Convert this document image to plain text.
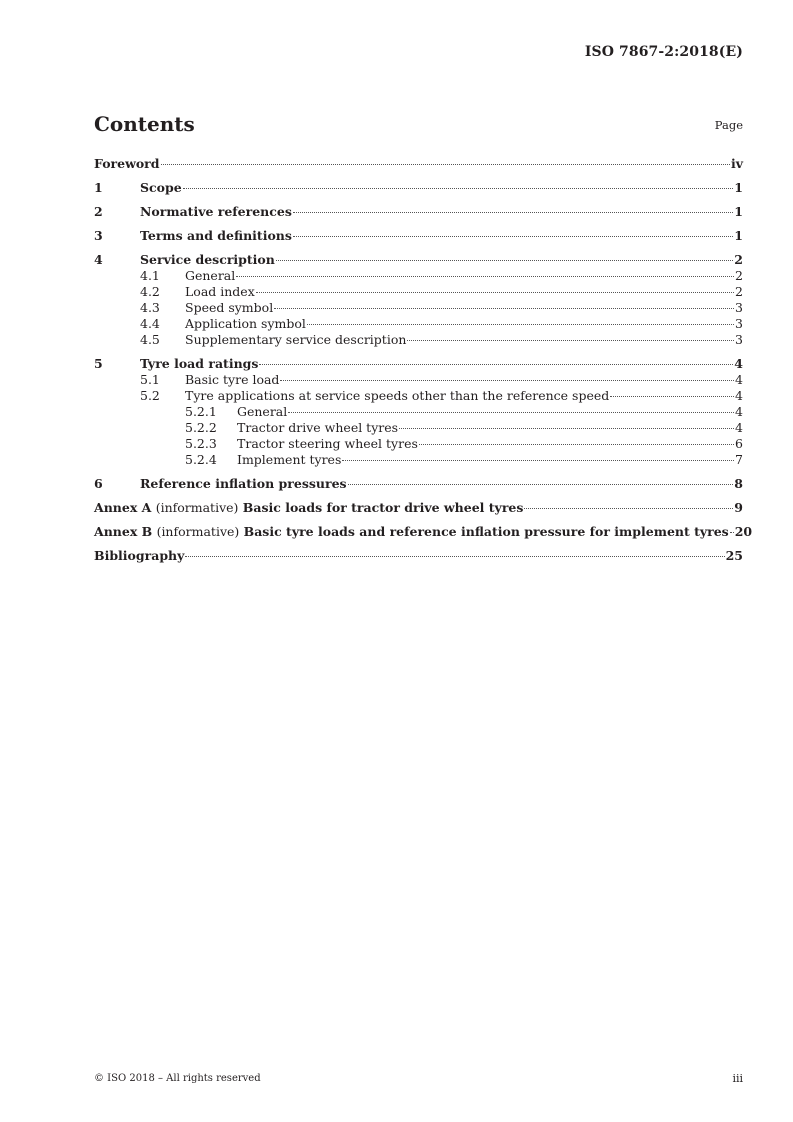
ISO 7867-2:2018(E)
Contents	Page
Foreword	iv
1	Scope	1
2	Normative references	1
3	Terms and definitions	1
4	Service description	2
4.1	General	2
4.2	Load index	2
4.3	Speed symbol	3
4.4	Application symbol	3
4.5	Supplementary service description	3
5	Tyre load ratings	4
5.1	Basic tyre load	4
5.2	Tyre applications at service speeds other than the reference speed	4
5.2.1	General	4
5.2.2	Tractor drive wheel tyres	4
5.2.3	Tractor steering wheel tyres	6
5.2.4	Implement tyres	7
6	Reference inflation pressures	8
Annex A (informative) Basic loads for tractor drive wheel tyres	9
Annex B (informative) Basic tyre loads and reference inflation pressure for implement tyres 20
Bibliography	25
© ISO 2018 – All rights reserved	iii
